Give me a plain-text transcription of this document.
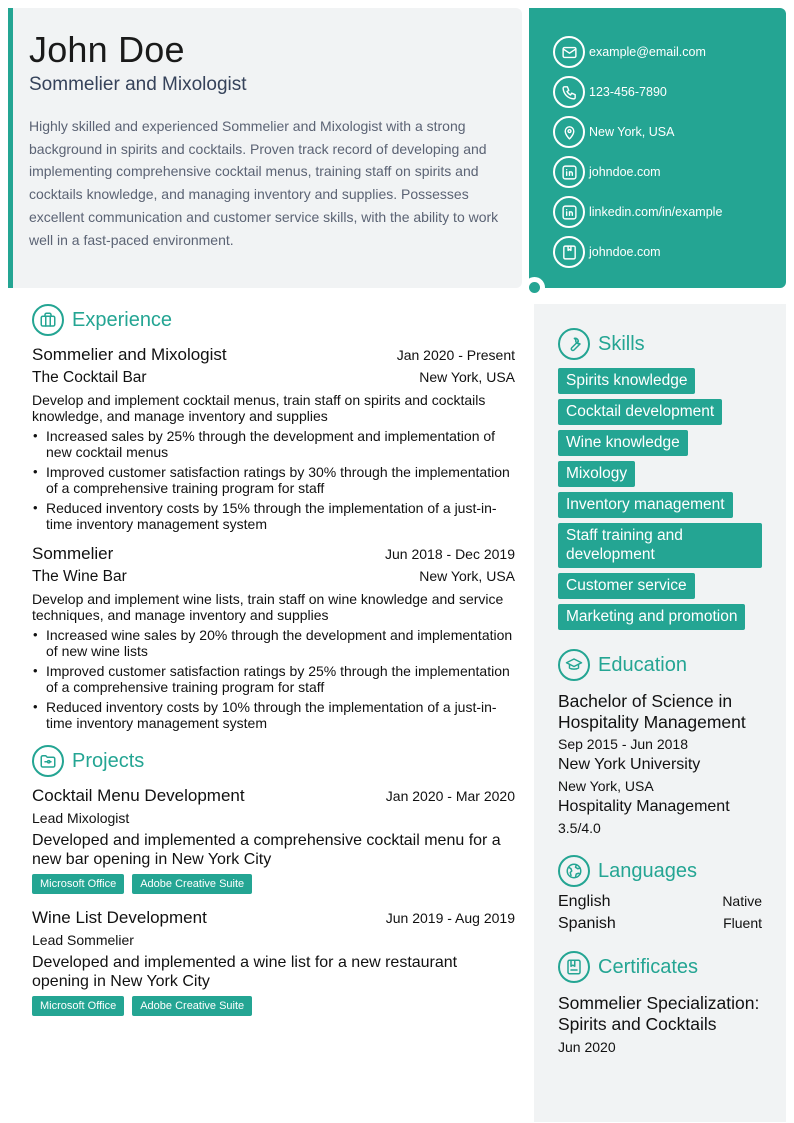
John Doe
Sommelier and Mixologist
Highly skilled and experienced Sommelier and Mixologist with a strong background in spirits and cocktails. Proven track record of developing and implementing comprehensive cocktail menus, training staff on spirits and cocktails knowledge, and managing inventory and supplies. Possesses excellent communication and customer service skills, with the ability to work well in a fast-paced environment.
example@email.com
123-456-7890
New York, USA
johndoe.com
linkedin.com/in/example
johndoe.com
Experience
Sommelier and Mixologist	Jan 2020 - Present
The Cocktail Bar	New York, USA
Develop and implement cocktail menus, train staff on spirits and cocktails knowledge, and manage inventory and supplies
• Increased sales by 25% through the development and implementation of new cocktail menus
• Improved customer satisfaction ratings by 30% through the implementation of a comprehensive training program for staff
• Reduced inventory costs by 15% through the implementation of a just-in-time inventory management system
Sommelier	Jun 2018 - Dec 2019
The Wine Bar	New York, USA
Develop and implement wine lists, train staff on wine knowledge and service techniques, and manage inventory and supplies
• Increased wine sales by 20% through the development and implementation of new wine lists
• Improved customer satisfaction ratings by 25% through the implementation of a comprehensive training program for staff
• Reduced inventory costs by 10% through the implementation of a just-in-time inventory management system
Projects
Cocktail Menu Development	Jan 2020 - Mar 2020
Lead Mixologist
Developed and implemented a comprehensive cocktail menu for a new bar opening in New York City
Microsoft Office	Adobe Creative Suite
Wine List Development	Jun 2019 - Aug 2019
Lead Sommelier
Developed and implemented a wine list for a new restaurant opening in New York City
Microsoft Office	Adobe Creative Suite
Skills
Spirits knowledge
Cocktail development
Wine knowledge
Mixology
Inventory management
Staff training and development
Customer service
Marketing and promotion
Education
Bachelor of Science in Hospitality Management
Sep 2015 - Jun 2018
New York University
New York, USA
Hospitality Management
3.5/4.0
Languages
English	Native
Spanish	Fluent
Certificates
Sommelier Specialization: Spirits and Cocktails
Jun 2020
